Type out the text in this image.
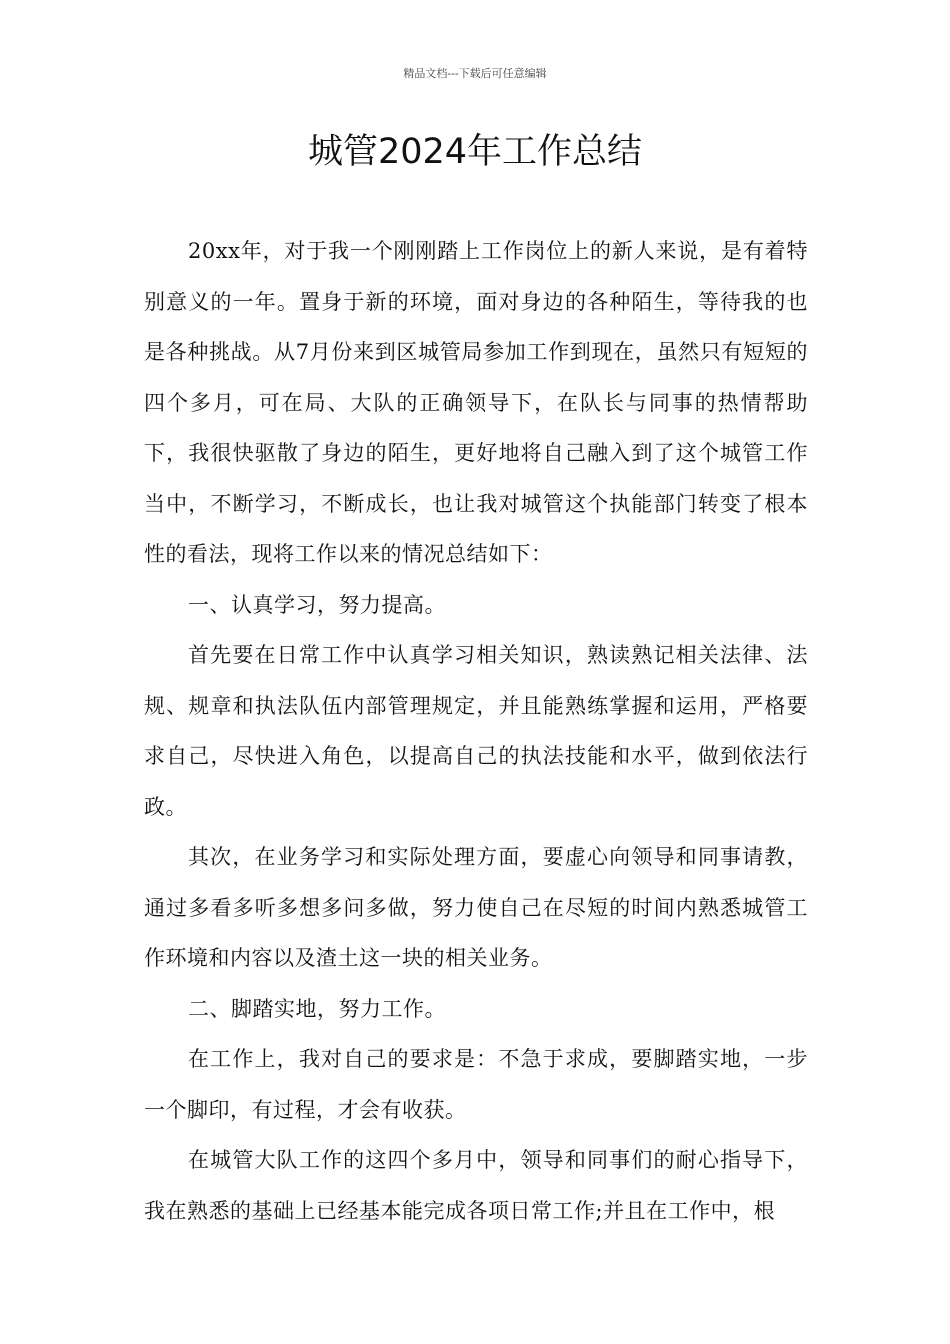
精品文档---下载后可任意编辑
城管2024年工作总结

20xx年，对于我一个刚刚踏上工作岗位上的新人来说，是有着特别意义的一年。置身于新的环境，面对身边的各种陌生，等待我的也是各种挑战。从7月份来到区城管局参加工作到现在，虽然只有短短的四个多月，可在局、大队的正确领导下，在队长与同事的热情帮助下，我很快驱散了身边的陌生，更好地将自己融入到了这个城管工作当中，不断学习，不断成长，也让我对城管这个执能部门转变了根本性的看法，现将工作以来的情况总结如下：

一、认真学习，努力提高。

首先要在日常工作中认真学习相关知识，熟读熟记相关法律、法规、规章和执法队伍内部管理规定，并且能熟练掌握和运用，严格要求自己，尽快进入角色，以提高自己的执法技能和水平，做到依法行政。

其次，在业务学习和实际处理方面，要虚心向领导和同事请教，通过多看多听多想多问多做，努力使自己在尽短的时间内熟悉城管工作环境和内容以及渣土这一块的相关业务。

二、脚踏实地，努力工作。

在工作上，我对自己的要求是：不急于求成，要脚踏实地，一步一个脚印，有过程，才会有收获。

在城管大队工作的这四个多月中，领导和同事们的耐心指导下，我在熟悉的基础上已经基本能完成各项日常工作;并且在工作中，根
